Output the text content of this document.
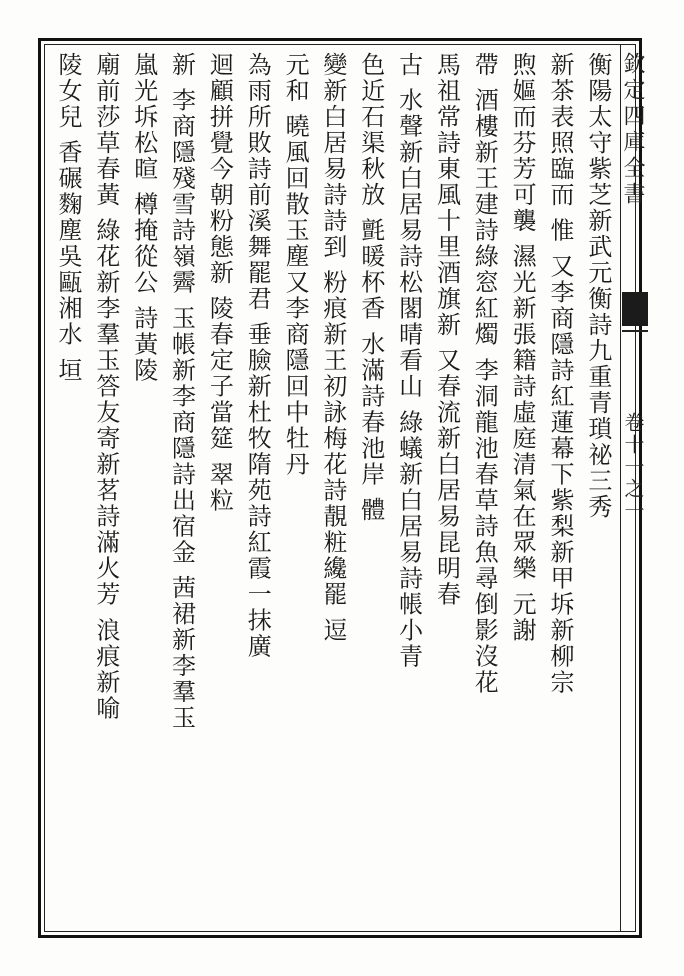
欽定四庫全書
卷十一之一
衡陽太守紫芝新武元衡詩九重青瑣祕三秀
新茶表照臨而 惟 又李商隱詩紅蓮幕下紫梨新甲坼新柳宗
煦嫗而芬芳可襲 濕光新張籍詩虛庭清氣在眾樂 元謝
帶 酒樓新王建詩綠窓紅燭 李洞龍池春草詩魚尋倒影沒花
馬祖常詩東風十里酒旗新 又春流新白居易昆明春
古 水聲新白居易詩松閣晴看山 綠蟻新白居易詩帳小青
色近石渠秋放 氈暖杯香 水滿詩春池岸 體
變新白居易詩詩到 粉痕新王初詠梅花詩靚粧纔罷 逗
元和 曉風回散玉塵又李商隱回中牡丹
為雨所敗詩前溪舞罷君 垂臉新杜牧隋苑詩紅霞一抹廣
迴顧拼覺今朝粉態新 陵春定子當筵 翠粒
新 李商隱殘雪詩嶺霽 玉帳新李商隱詩出宿金 茜裙新李羣玉
嵐光坼松暄 樽掩從公 詩黃陵
廟前莎草春黃 綠花新李羣玉答友寄新茗詩滿火芳 浪痕新喻
陵女兒 香碾麴塵吳甌湘水 垣
